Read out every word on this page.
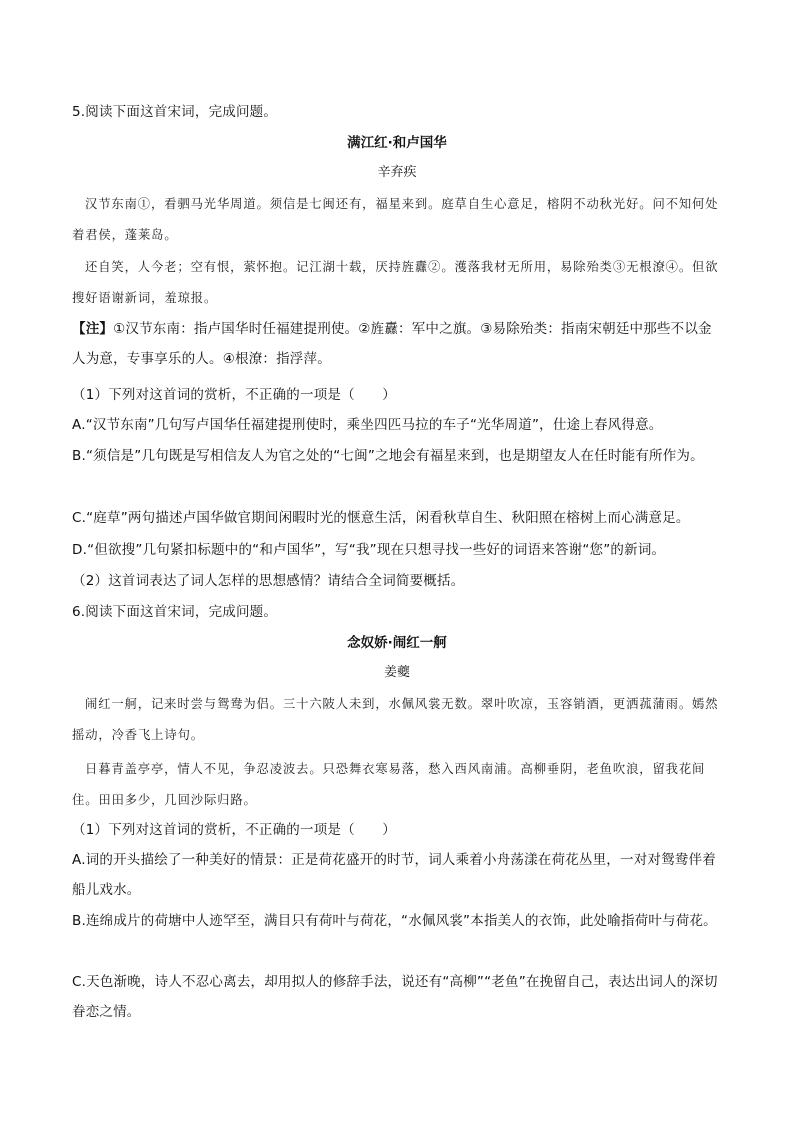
5.阅读下面这首宋词，完成问题。
满江红·和卢国华
辛弃疾
汉节东南①，看驷马光华周道。须信是七闽还有，福星来到。庭草自生心意足，榕阴不动秋光好。问不知何处着君侯，蓬莱岛。
还自笑，人今老；空有恨，萦怀抱。记江湖十载，厌持旌纛②。濩落我材无所用，易除殆类③无根潦④。但欲搜好语谢新词，羞琼报。
【注】①汉节东南：指卢国华时任福建提刑使。②旌纛：军中之旗。③易除殆类：指南宋朝廷中那些不以金人为意，专事享乐的人。④根潦：指浮萍。
（1）下列对这首词的赏析，不正确的一项是（　　）
A.“汉节东南”几句写卢国华任福建提刑使时，乘坐四匹马拉的车子“光华周道”，仕途上春风得意。
B.“须信是”几句既是写相信友人为官之处的“七闽”之地会有福星来到，也是期望友人在任时能有所作为。
C.“庭草”两句描述卢国华做官期间闲暇时光的惬意生活，闲看秋草自生、秋阳照在榕树上而心满意足。
D.“但欲搜”几句紧扣标题中的“和卢国华”，写“我”现在只想寻找一些好的词语来答谢“您”的新词。
（2）这首词表达了词人怎样的思想感情？请结合全词简要概括。
6.阅读下面这首宋词，完成问题。
念奴娇·闹红一舸
姜夔
闹红一舸，记来时尝与鸳鸯为侣。三十六陂人未到，水佩风裳无数。翠叶吹凉，玉容销酒，更洒菰蒲雨。嫣然摇动，冷香飞上诗句。
日暮青盖亭亭，情人不见，争忍凌波去。只恐舞衣寒易落，愁入西风南浦。高柳垂阴，老鱼吹浪，留我花间住。田田多少，几回沙际归路。
（1）下列对这首词的赏析，不正确的一项是（　　）
A.词的开头描绘了一种美好的情景：正是荷花盛开的时节，词人乘着小舟荡漾在荷花丛里，一对对鸳鸯伴着船儿戏水。
B.连绵成片的荷塘中人迹罕至，满目只有荷叶与荷花，“水佩风裳”本指美人的衣饰，此处喻指荷叶与荷花。
C.天色渐晚，诗人不忍心离去，却用拟人的修辞手法，说还有“高柳”“老鱼”在挽留自己，表达出词人的深切眷恋之情。
